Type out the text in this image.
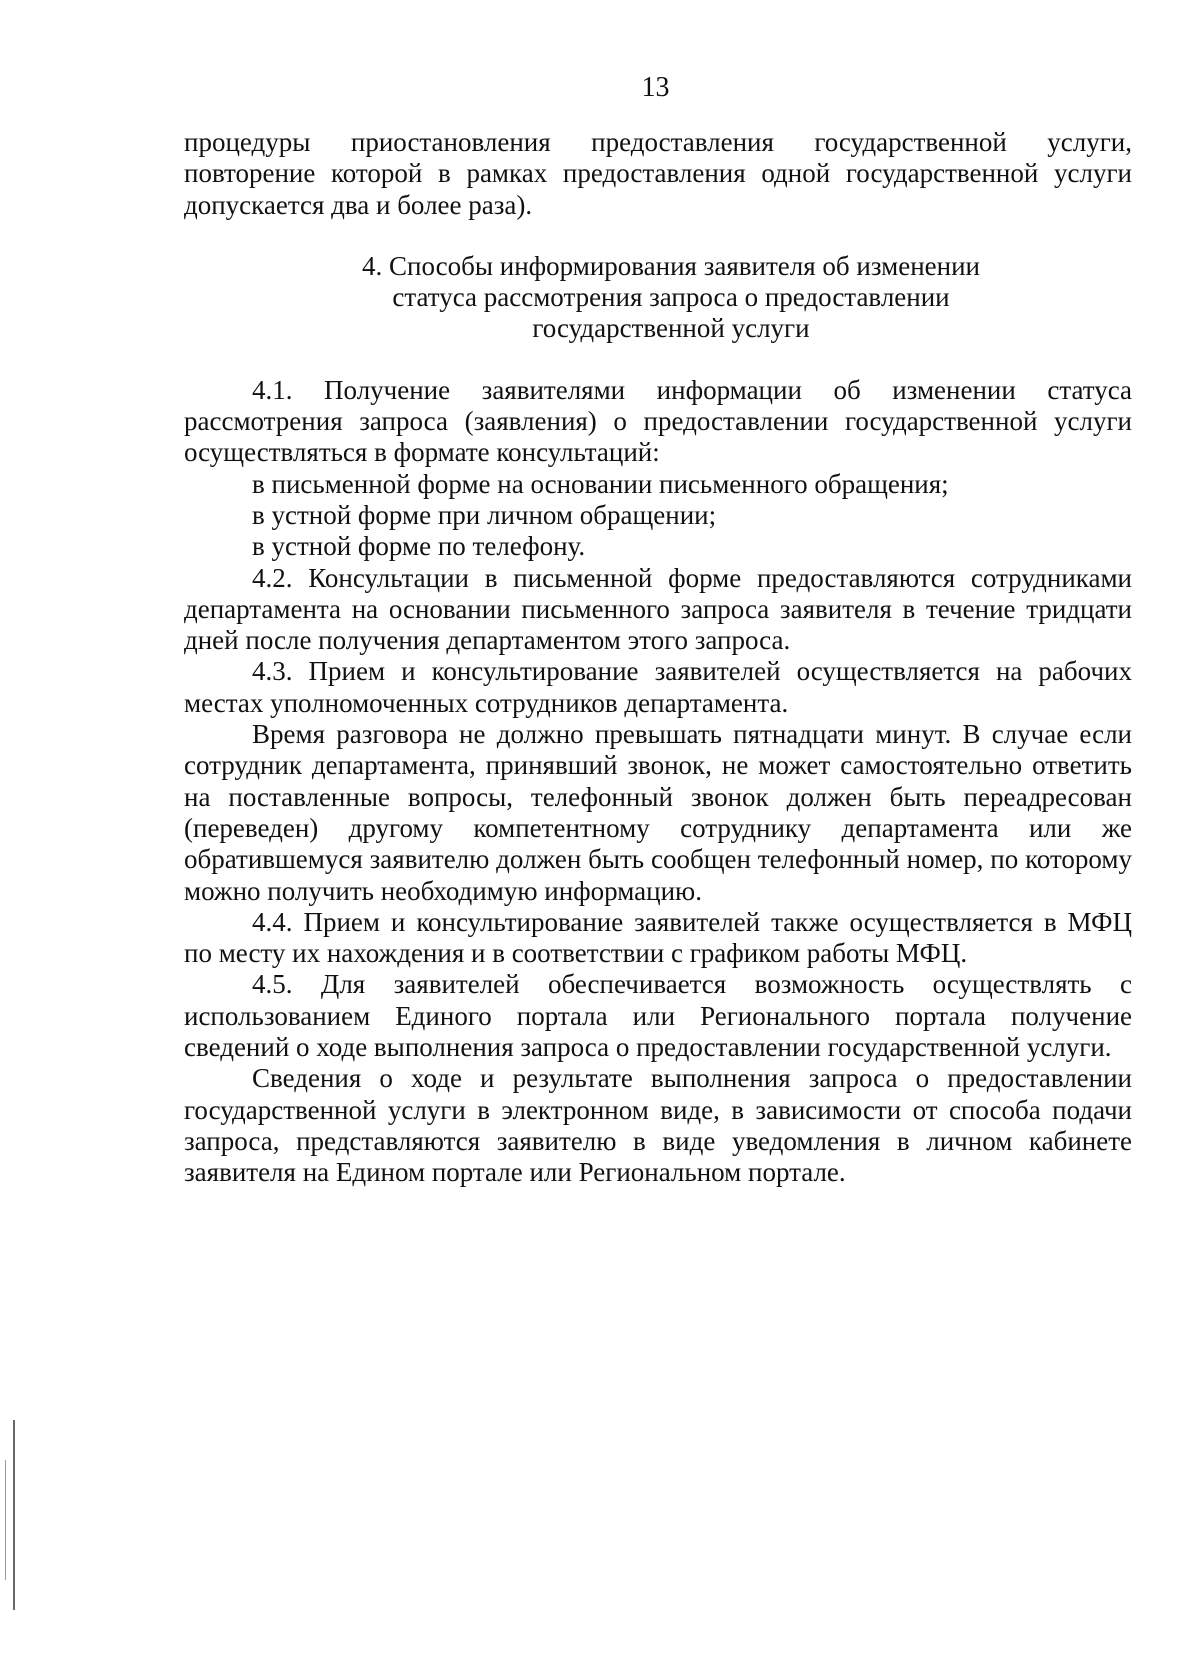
13

процедуры приостановления предоставления государственной услуги, повторение которой в рамках предоставления одной государственной услуги допускается два и более раза).

4. Способы информирования заявителя об изменении
статуса рассмотрения запроса о предоставлении
государственной услуги

4.1. Получение заявителями информации об изменении статуса рассмотрения запроса (заявления) о предоставлении государственной услуги осуществляться в формате консультаций:

в письменной форме на основании письменного обращения;

в устной форме при личном обращении;

в устной форме по телефону.

4.2. Консультации в письменной форме предоставляются сотрудниками департамента на основании письменного запроса заявителя в течение тридцати дней после получения департаментом этого запроса.

4.3. Прием и консультирование заявителей осуществляется на рабочих местах уполномоченных сотрудников департамента.

Время разговора не должно превышать пятнадцати минут. В случае если сотрудник департамента, принявший звонок, не может самостоятельно ответить на поставленные вопросы, телефонный звонок должен быть переадресован (переведен) другому компетентному сотруднику департамента или же обратившемуся заявителю должен быть сообщен телефонный номер, по которому можно получить необходимую информацию.

4.4. Прием и консультирование заявителей также осуществляется в МФЦ по месту их нахождения и в соответствии с графиком работы МФЦ.

4.5. Для заявителей обеспечивается возможность осуществлять с использованием Единого портала или Регионального портала получение сведений о ходе выполнения запроса о предоставлении государственной услуги.

Сведения о ходе и результате выполнения запроса о предоставлении государственной услуги в электронном виде, в зависимости от способа подачи запроса, представляются заявителю в виде уведомления в личном кабинете заявителя на Едином портале или Региональном портале.
